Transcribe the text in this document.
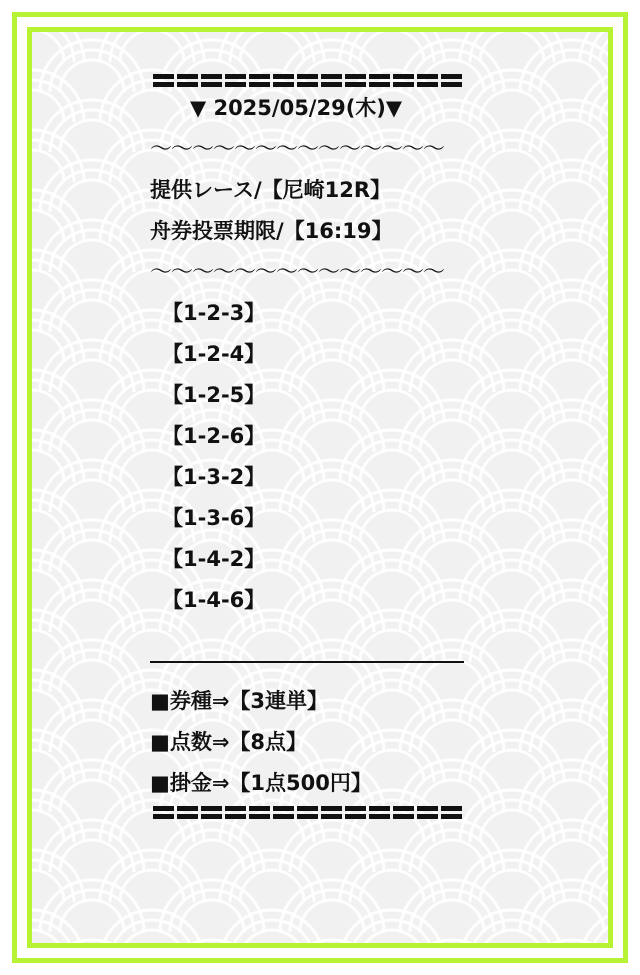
▼ 2025/05/29(木)▼
〜〜〜〜〜〜〜〜〜〜〜〜〜〜
提供レース/【尼崎12R】
舟券投票期限/【16:19】
〜〜〜〜〜〜〜〜〜〜〜〜〜〜
【1-2-3】
【1-2-4】
【1-2-5】
【1-2-6】
【1-3-2】
【1-3-6】
【1-4-2】
【1-4-6】
■券種⇒【3連単】
■点数⇒【8点】
■掛金⇒【1点500円】
